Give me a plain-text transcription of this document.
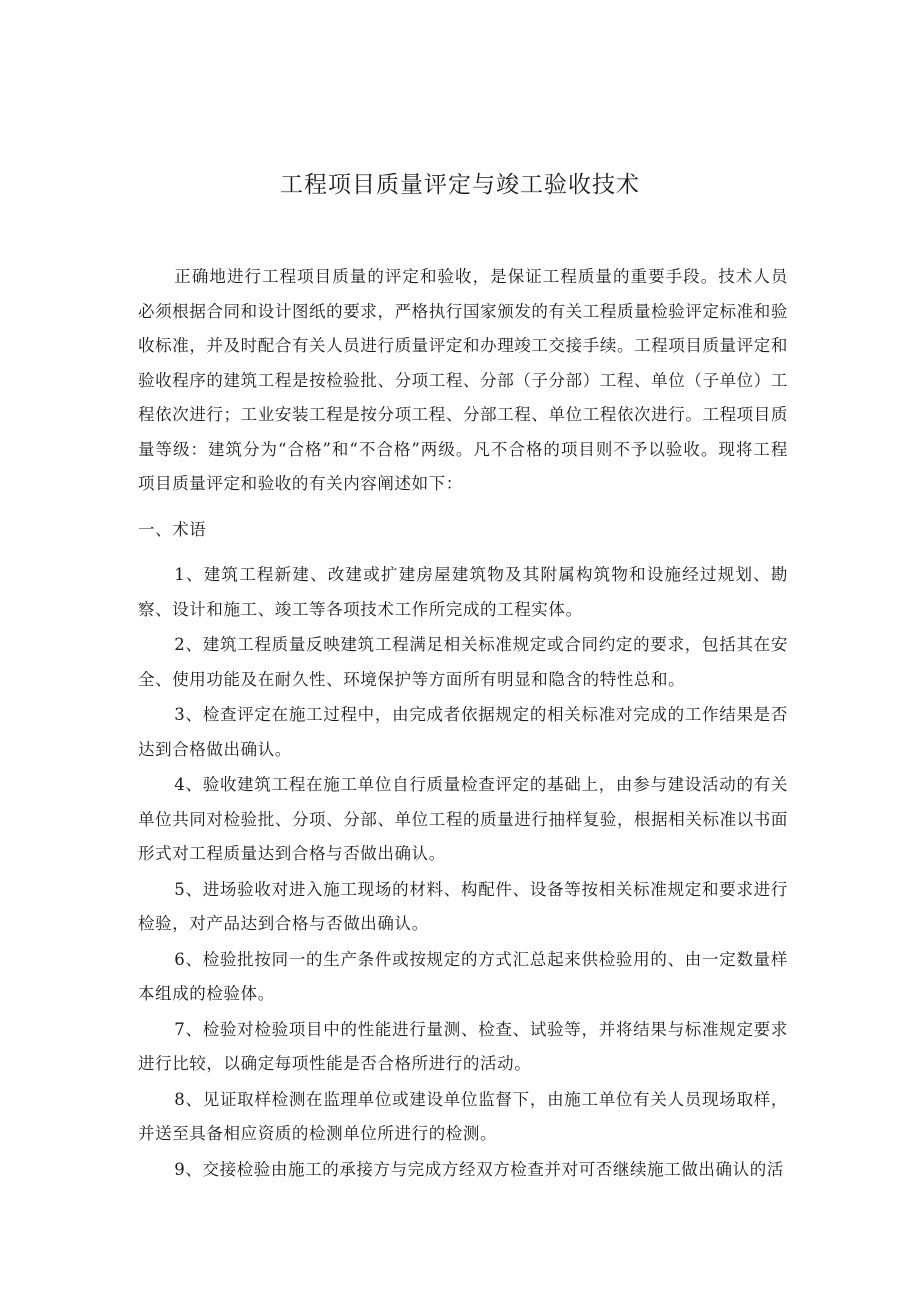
工程项目质量评定与竣工验收技术

正确地进行工程项目质量的评定和验收，是保证工程质量的重要手段。技术人员必须根据合同和设计图纸的要求，严格执行国家颁发的有关工程质量检验评定标准和验收标准，并及时配合有关人员进行质量评定和办理竣工交接手续。工程项目质量评定和验收程序的建筑工程是按检验批、分项工程、分部（子分部）工程、单位（子单位）工程依次进行；工业安装工程是按分项工程、分部工程、单位工程依次进行。工程项目质量等级：建筑分为“合格”和“不合格”两级。凡不合格的项目则不予以验收。现将工程项目质量评定和验收的有关内容阐述如下：

一、术语

1、建筑工程新建、改建或扩建房屋建筑物及其附属构筑物和设施经过规划、勘察、设计和施工、竣工等各项技术工作所完成的工程实体。

2、建筑工程质量反映建筑工程满足相关标准规定或合同约定的要求，包括其在安全、使用功能及在耐久性、环境保护等方面所有明显和隐含的特性总和。

3、检查评定在施工过程中，由完成者依据规定的相关标准对完成的工作结果是否达到合格做出确认。

4、验收建筑工程在施工单位自行质量检查评定的基础上，由参与建设活动的有关单位共同对检验批、分项、分部、单位工程的质量进行抽样复验，根据相关标准以书面形式对工程质量达到合格与否做出确认。

5、进场验收对进入施工现场的材料、构配件、设备等按相关标准规定和要求进行检验，对产品达到合格与否做出确认。

6、检验批按同一的生产条件或按规定的方式汇总起来供检验用的、由一定数量样本组成的检验体。

7、检验对检验项目中的性能进行量测、检查、试验等，并将结果与标准规定要求进行比较，以确定每项性能是否合格所进行的活动。

8、见证取样检测在监理单位或建设单位监督下，由施工单位有关人员现场取样，并送至具备相应资质的检测单位所进行的检测。

9、交接检验由施工的承接方与完成方经双方检查并对可否继续施工做出确认的活
